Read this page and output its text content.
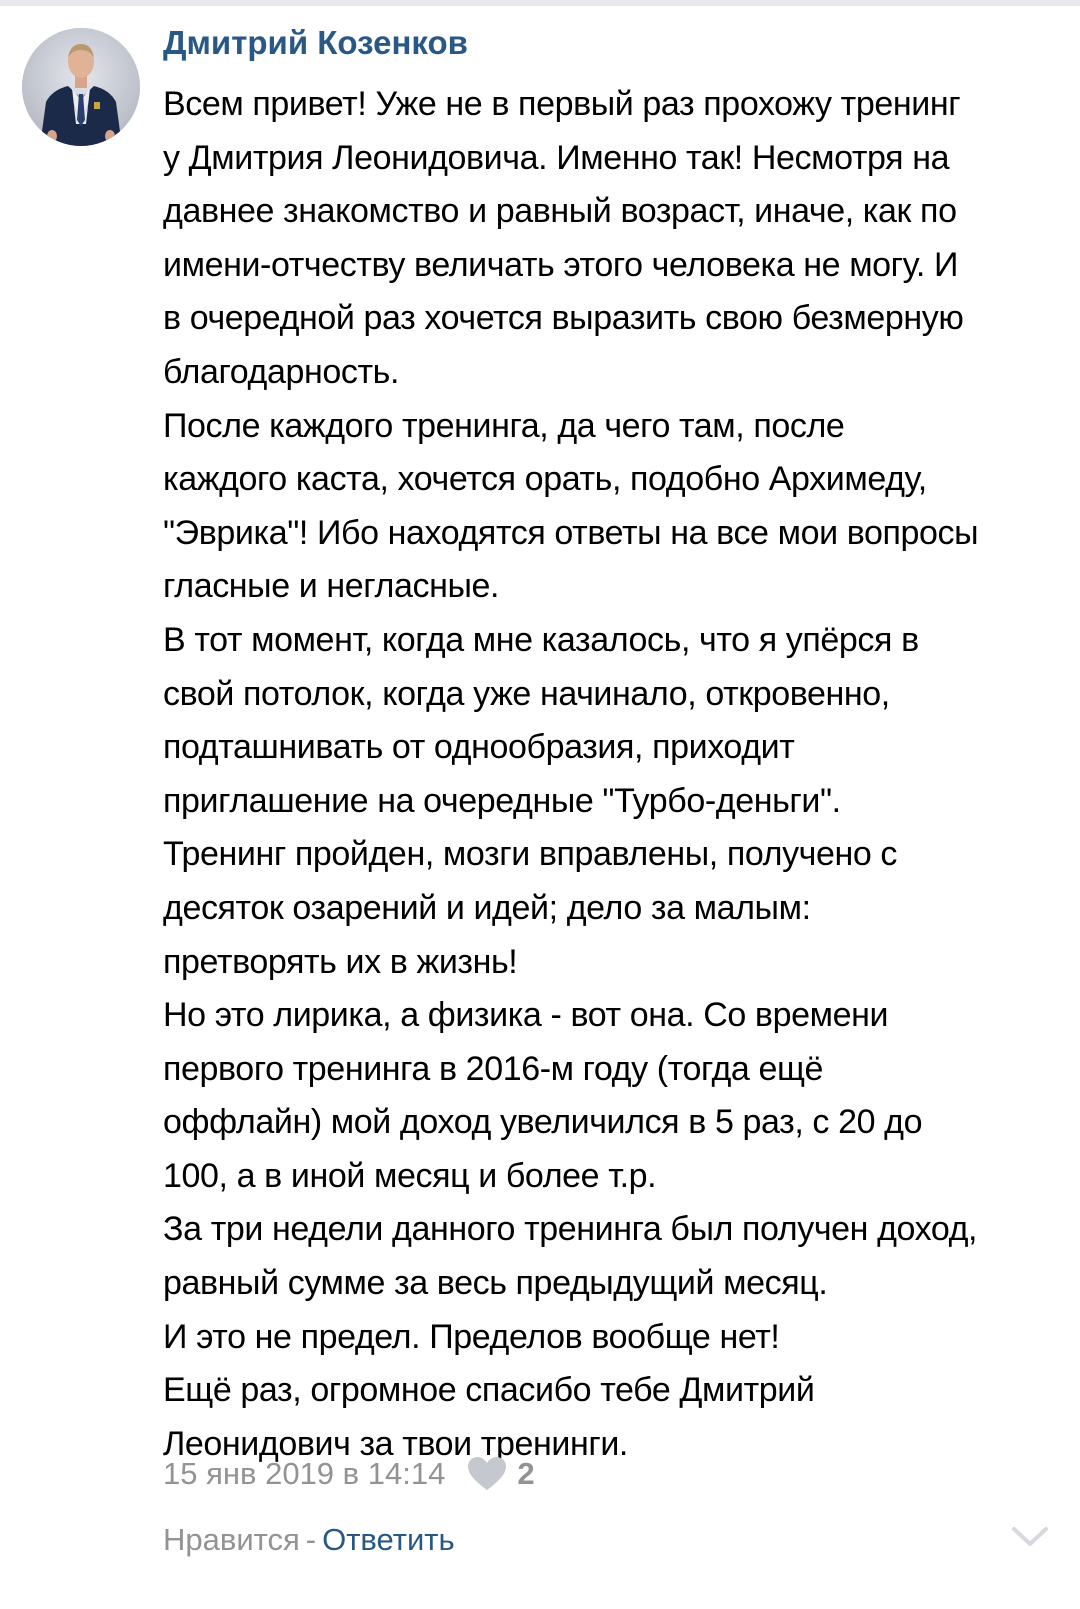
Дмитрий Козенков

Всем привет! Уже не в первый раз прохожу тренинг
у Дмитрия Леонидовича. Именно так! Несмотря на
давнее знакомство и равный возраст, иначе, как по
имени-отчеству величать этого человека не могу. И
в очередной раз хочется выразить свою безмерную
благодарность.
После каждого тренинга, да чего там, после
каждого каста, хочется орать, подобно Архимеду,
"Эврика"! Ибо находятся ответы на все мои вопросы
гласные и негласные.
В тот момент, когда мне казалось, что я упёрся в
свой потолок, когда уже начинало, откровенно,
подташнивать от однообразия, приходит
приглашение на очередные "Турбо-деньги".
Тренинг пройден, мозги вправлены, получено с
десяток озарений и идей; дело за малым:
претворять их в жизнь!
Но это лирика, а физика - вот она. Со времени
первого тренинга в 2016-м году (тогда ещё
оффлайн) мой доход увеличился в 5 раз, с 20 до
100, а в иной месяц и более т.р.
За три недели данного тренинга был получен доход,
равный сумме за весь предыдущий месяц.
И это не предел. Пределов вообще нет!
Ещё раз, огромное спасибо тебе Дмитрий
Леонидович за твои тренинги.

15 янв 2019 в 14:14 2
Нравится - Ответить
